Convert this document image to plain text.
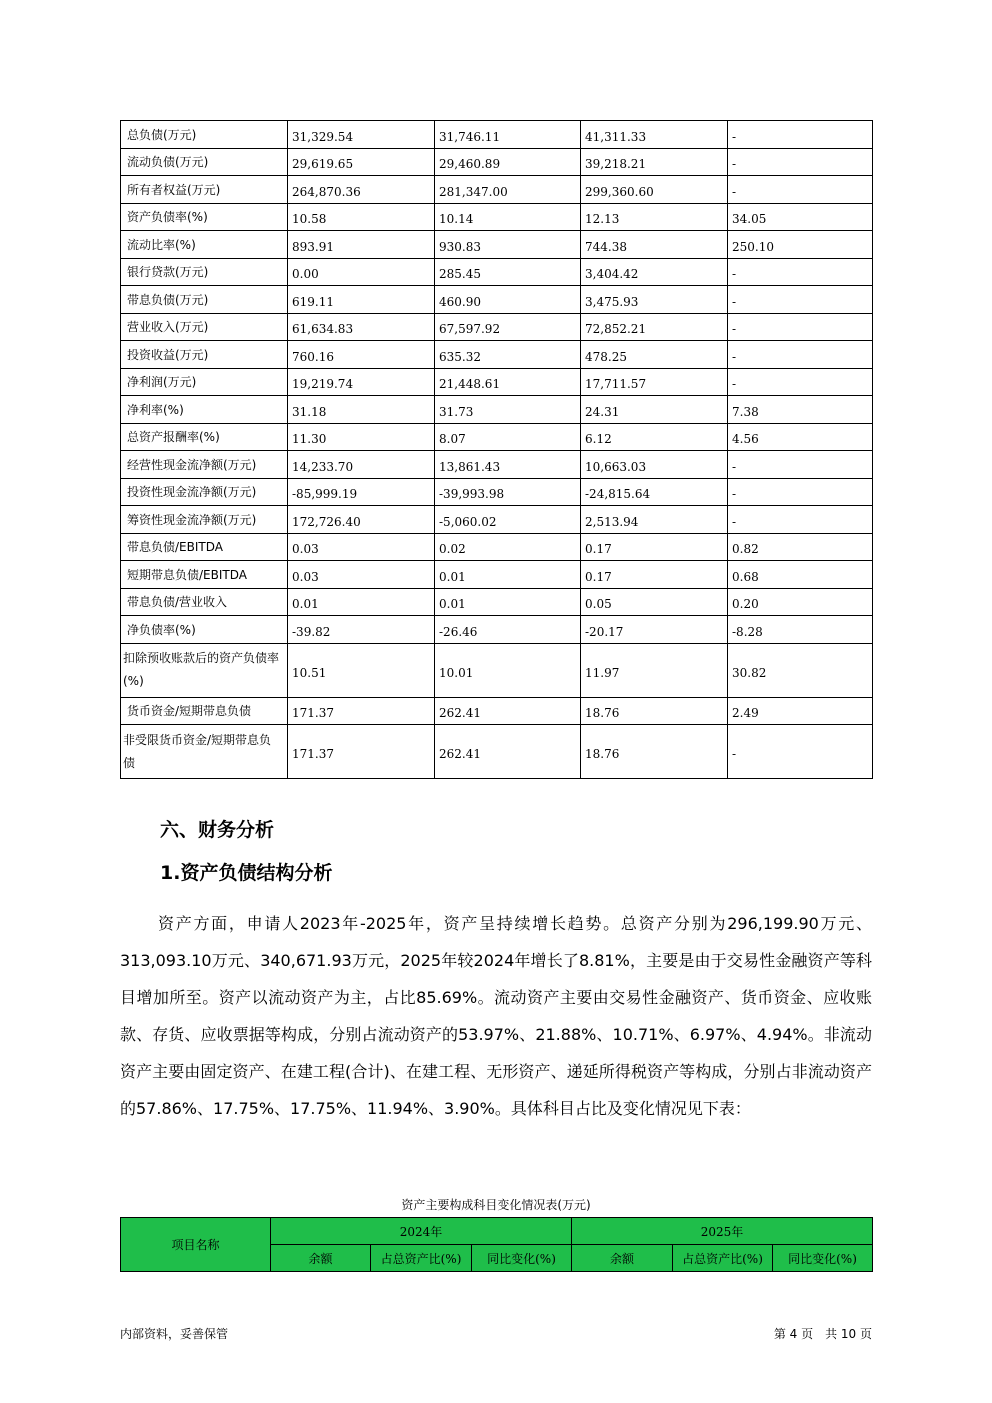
总负债(万元)	31,329.54	31,746.11	41,311.33	-
流动负债(万元)	29,619.65	29,460.89	39,218.21	-
所有者权益(万元)	264,870.36	281,347.00	299,360.60	-
资产负债率(%)	10.58	10.14	12.13	34.05
流动比率(%)	893.91	930.83	744.38	250.10
银行贷款(万元)	0.00	285.45	3,404.42	-
带息负债(万元)	619.11	460.90	3,475.93	-
营业收入(万元)	61,634.83	67,597.92	72,852.21	-
投资收益(万元)	760.16	635.32	478.25	-
净利润(万元)	19,219.74	21,448.61	17,711.57	-
净利率(%)	31.18	31.73	24.31	7.38
总资产报酬率(%)	11.30	8.07	6.12	4.56
经营性现金流净额(万元)	14,233.70	13,861.43	10,663.03	-
投资性现金流净额(万元)	-85,999.19	-39,993.98	-24,815.64	-
筹资性现金流净额(万元)	172,726.40	-5,060.02	2,513.94	-
带息负债/EBITDA	0.03	0.02	0.17	0.82
短期带息负债/EBITDA	0.03	0.01	0.17	0.68
带息负债/营业收入	0.01	0.01	0.05	0.20
净负债率(%)	-39.82	-26.46	-20.17	-8.28
扣除预收账款后的资产负债率(%)	10.51	10.01	11.97	30.82
货币资金/短期带息负债	171.37	262.41	18.76	2.49
非受限货币资金/短期带息负债	171.37	262.41	18.76	-
六、财务分析
1.资产负债结构分析

资产方面，申请人2023年-2025年，资产呈持续增长趋势。总资产分别为296,199.90万元、313,093.10万元、340,671.93万元，2025年较2024年增长了8.81%，主要是由于交易性金融资产等科目增加所至。资产以流动资产为主，占比85.69%。流动资产主要由交易性金融资产、货币资金、应收账款、存货、应收票据等构成，分别占流动资产的53.97%、21.88%、10.71%、6.97%、4.94%。非流动资产主要由固定资产、在建工程(合计)、在建工程、无形资产、递延所得税资产等构成，分别占非流动资产的57.86%、17.75%、17.75%、11.94%、3.90%。具体科目占比及变化情况见下表：

资产主要构成科目变化情况表(万元)

项目名称	2024年			2025年		
	余额	占总资产比(%)	同比变化(%)	余额	占总资产比(%)	同比变化(%)

内部资料，妥善保管	第 4 页　共 10 页
